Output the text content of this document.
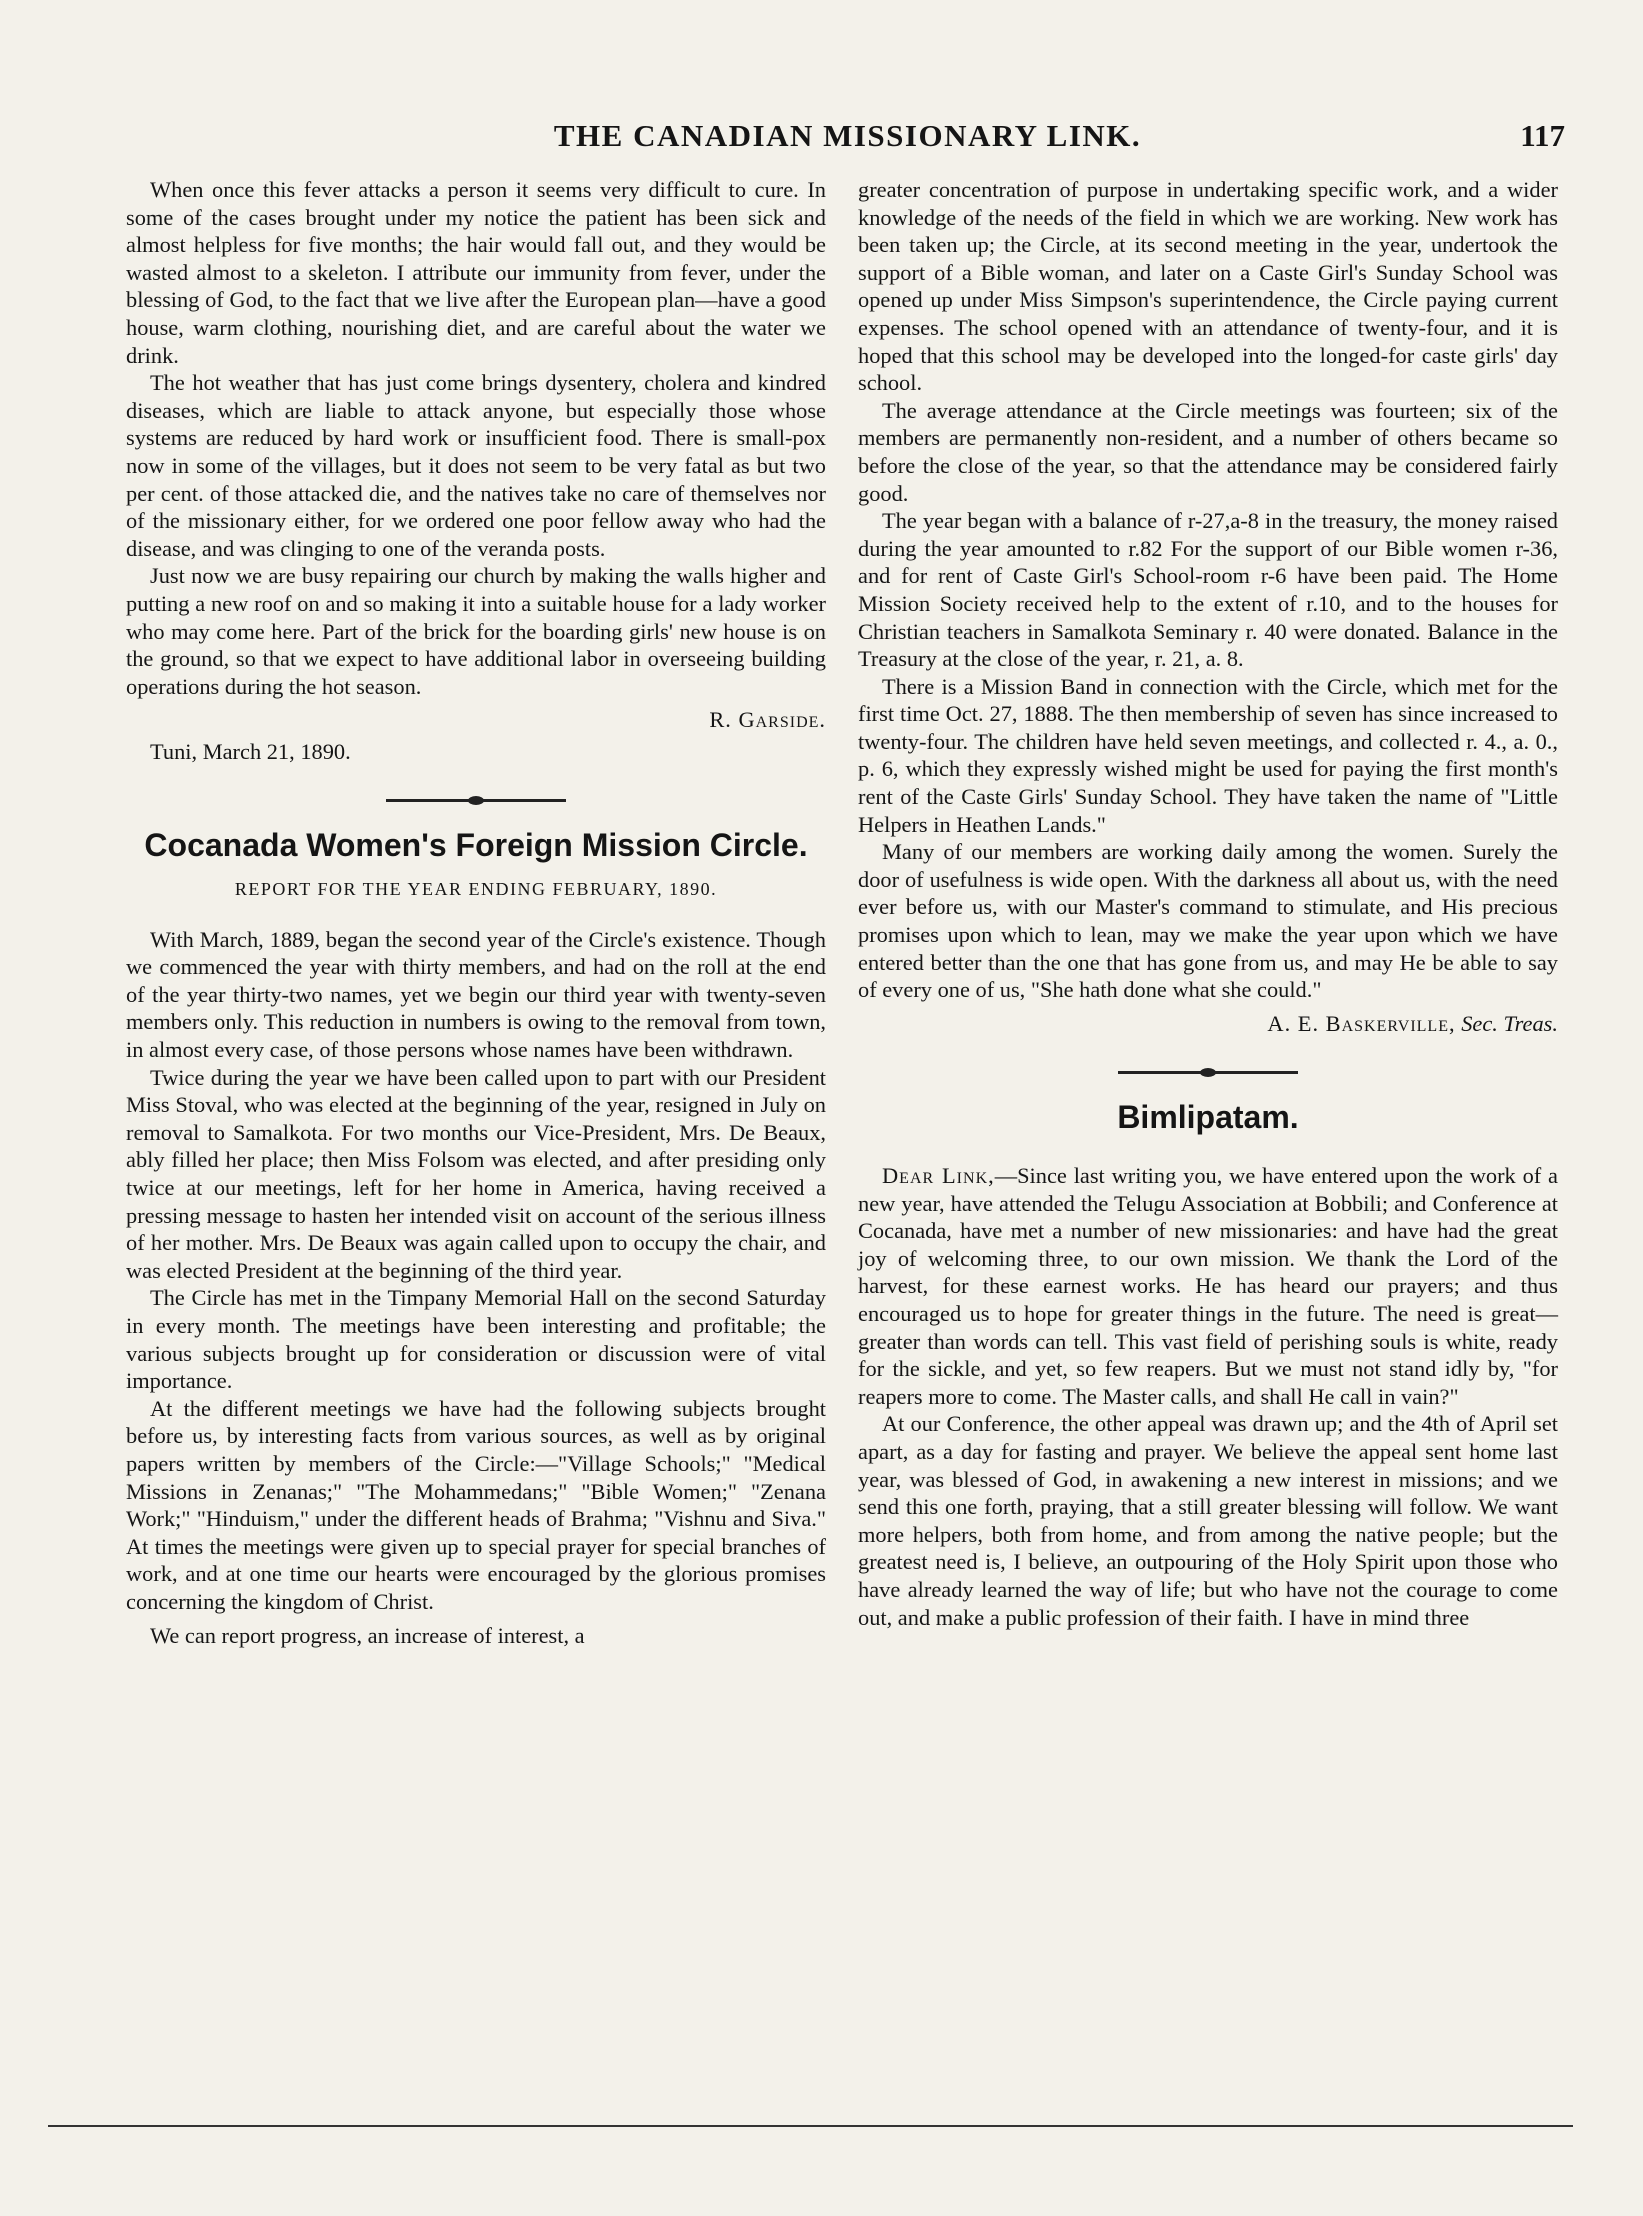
THE CANADIAN MISSIONARY LINK.	117

When once this fever attacks a person it seems very difficult to cure. In some of the cases brought under my notice the patient has been sick and almost helpless for five months; the hair would fall out, and they would be wasted almost to a skeleton. I attribute our immunity from fever, under the blessing of God, to the fact that we live after the European plan—have a good house, warm clothing, nourishing diet, and are careful about the water we drink.

The hot weather that has just come brings dysentery, cholera and kindred diseases, which are liable to attack anyone, but especially those whose systems are reduced by hard work or insufficient food. There is small-pox now in some of the villages, but it does not seem to be very fatal as but two per cent. of those attacked die, and the natives take no care of themselves nor of the missionary either, for we ordered one poor fellow away who had the disease, and was clinging to one of the veranda posts.

Just now we are busy repairing our church by making the walls higher and putting a new roof on and so making it into a suitable house for a lady worker who may come here. Part of the brick for the boarding girls' new house is on the ground, so that we expect to have additional labor in overseeing building operations during the hot season.

R. Garside.
Tuni, March 21, 1890.
Cocanada Women's Foreign Mission Circle.
REPORT FOR THE YEAR ENDING FEBRUARY, 1890.

With March, 1889, began the second year of the Circle's existence. Though we commenced the year with thirty members, and had on the roll at the end of the year thirty-two names, yet we begin our third year with twenty-seven members only. This reduction in numbers is owing to the removal from town, in almost every case, of those persons whose names have been withdrawn.

Twice during the year we have been called upon to part with our President Miss Stoval, who was elected at the beginning of the year, resigned in July on removal to Samalkota. For two months our Vice-President, Mrs. De Beaux, ably filled her place; then Miss Folsom was elected, and after presiding only twice at our meetings, left for her home in America, having received a pressing message to hasten her intended visit on account of the serious illness of her mother. Mrs. De Beaux was again called upon to occupy the chair, and was elected President at the beginning of the third year.

The Circle has met in the Timpany Memorial Hall on the second Saturday in every month. The meetings have been interesting and profitable; the various subjects brought up for consideration or discussion were of vital importance.

At the different meetings we have had the following subjects brought before us, by interesting facts from various sources, as well as by original papers written by members of the Circle:—"Village Schools;" "Medical Missions in Zenanas;" "The Mohammedans;" "Bible Women;" "Zenana Work;" "Hinduism," under the different heads of Brahma; "Vishnu and Siva." At times the meetings were given up to special prayer for special branches of work, and at one time our hearts were encouraged by the glorious promises concerning the kingdom of Christ.

We can report progress, an increase of interest, a

greater concentration of purpose in undertaking specific work, and a wider knowledge of the needs of the field in which we are working. New work has been taken up; the Circle, at its second meeting in the year, undertook the support of a Bible woman, and later on a Caste Girl's Sunday School was opened up under Miss Simpson's superintendence, the Circle paying current expenses. The school opened with an attendance of twenty-four, and it is hoped that this school may be developed into the longed-for caste girls' day school.

The average attendance at the Circle meetings was fourteen; six of the members are permanently non-resident, and a number of others became so before the close of the year, so that the attendance may be considered fairly good.

The year began with a balance of r-27,a-8 in the treasury, the money raised during the year amounted to r.82 For the support of our Bible women r-36, and for rent of Caste Girl's School-room r-6 have been paid. The Home Mission Society received help to the extent of r.10, and to the houses for Christian teachers in Samalkota Seminary r. 40 were donated. Balance in the Treasury at the close of the year, r. 21, a. 8.

There is a Mission Band in connection with the Circle, which met for the first time Oct. 27, 1888. The then membership of seven has since increased to twenty-four. The children have held seven meetings, and collected r. 4., a. 0., p. 6, which they expressly wished might be used for paying the first month's rent of the Caste Girls' Sunday School. They have taken the name of "Little Helpers in Heathen Lands."

Many of our members are working daily among the women. Surely the door of usefulness is wide open. With the darkness all about us, with the need ever before us, with our Master's command to stimulate, and His precious promises upon which to lean, may we make the year upon which we have entered better than the one that has gone from us, and may He be able to say of every one of us, "She hath done what she could."

A. E. Baskerville, Sec. Treas.
Bimlipatam.

Dear Link,—Since last writing you, we have entered upon the work of a new year, have attended the Telugu Association at Bobbili; and Conference at Cocanada, have met a number of new missionaries: and have had the great joy of welcoming three, to our own mission. We thank the Lord of the harvest, for these earnest works. He has heard our prayers; and thus encouraged us to hope for greater things in the future. The need is great—greater than words can tell. This vast field of perishing souls is white, ready for the sickle, and yet, so few reapers. But we must not stand idly by, "for reapers more to come. The Master calls, and shall He call in vain?"

At our Conference, the other appeal was drawn up; and the 4th of April set apart, as a day for fasting and prayer. We believe the appeal sent home last year, was blessed of God, in awakening a new interest in missions; and we send this one forth, praying, that a still greater blessing will follow. We want more helpers, both from home, and from among the native people; but the greatest need is, I believe, an outpouring of the Holy Spirit upon those who have already learned the way of life; but who have not the courage to come out, and make a public profession of their faith. I have in mind three
